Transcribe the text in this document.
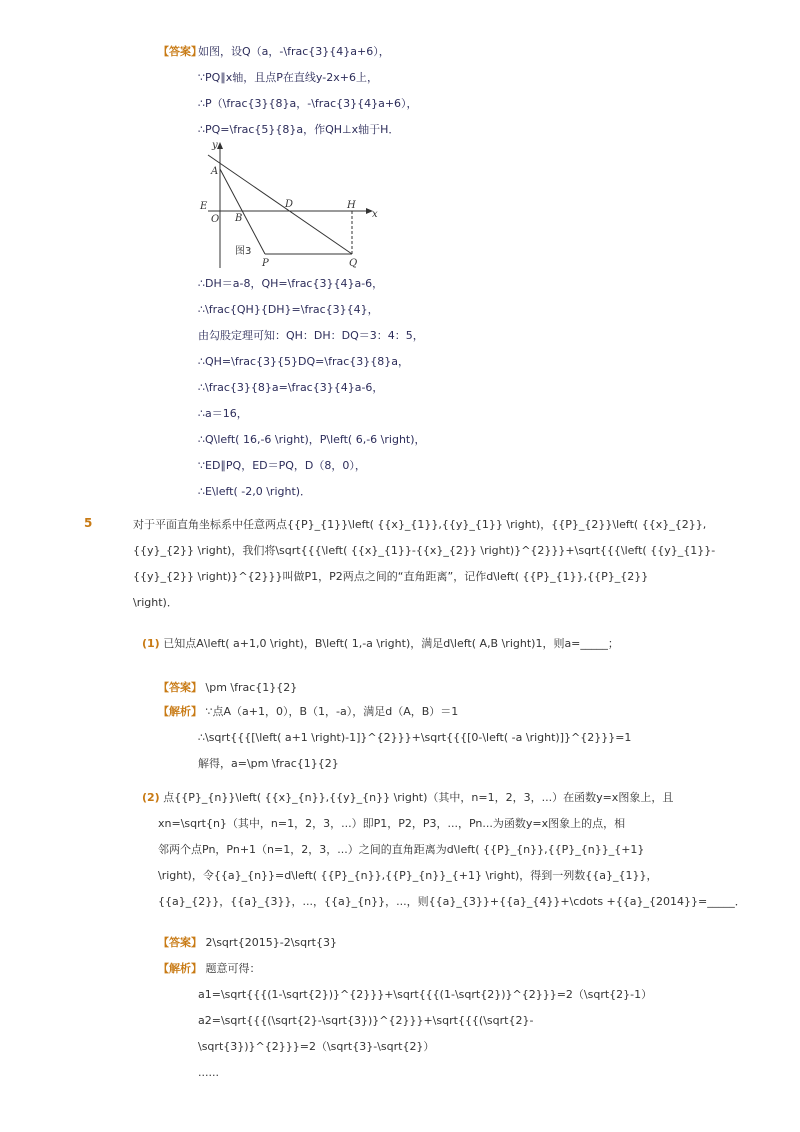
【答案】
如图，设Q（a，-\frac{3}{4}a+6），
∵PQ∥x轴，且点P在直线y-2x+6上，
∴P（\frac{3}{8}a，-\frac{3}{4}a+6），
∴PQ=\frac{5}{8}a，作QH⊥x轴于H．
y
x
A
E
O B
D	H
P	Q
图3
∴DH＝a-8，QH=\frac{3}{4}a-6，
∴\frac{QH}{DH}=\frac{3}{4}，
由勾股定理可知：QH：DH：DQ＝3：4：5，
∴QH=\frac{3}{5}DQ=\frac{3}{8}a，
∴\frac{3}{8}a=\frac{3}{4}a-6，
∴a＝16，
∴Q\left( 16,-6 \right)，P\left( 6,-6 \right)，
∵ED∥PQ，ED＝PQ，D（8，0），
∴E\left( -2,0 \right)．
5	对于平面直角坐标系中任意两点{{P}_{1}}\left( {{x}_{1}},{{y}_{1}} \right)，{{P}_{2}}\left( {{x}_{2}},
{{y}_{2}} \right)，我们将\sqrt{{{\left( {{x}_{1}}-{{x}_{2}} \right)}^{2}}}+\sqrt{{{\left( {{y}_{1}}-
{{y}_{2}} \right)}^{2}}}叫做P1，P2两点之间的“直角距离”，记作d\left( {{P}_{1}},{{P}_{2}}
\right)．
(1) 已知点A\left( a+1,0 \right)，B\left( 1,-a \right)，满足d\left( A,B \right)1，则a=_____；
【答案】 \pm \frac{1}{2}
【解析】 ∵点A（a+1，0），B（1，-a），满足d（A，B）＝1
∴\sqrt{{{[\left( a+1 \right)-1]}^{2}}}+\sqrt{{{[0-\left( -a \right)]}^{2}}}=1
解得，a=\pm \frac{1}{2}
(2) 点{{P}_{n}}\left( {{x}_{n}},{{y}_{n}} \right)（其中，n=1，2，3，...）在函数y=x图象上，且
xn=\sqrt{n}（其中，n=1，2，3，...）即P1，P2，P3，...，Pn...为函数y=x图象上的点，相
邻两个点Pn，Pn+1（n=1，2，3，...）之间的直角距离为d\left( {{P}_{n}},{{P}_{n}}_{+1}
\right)，令{{a}_{n}}=d\left( {{P}_{n}},{{P}_{n}}_{+1} \right)，得到一列数{{a}_{1}}，
{{a}_{2}}，{{a}_{3}}，...，{{a}_{n}}，...，则{{a}_{3}}+{{a}_{4}}+\cdots +{{a}_{2014}}=_____．
【答案】 2\sqrt{2015}-2\sqrt{3}
【解析】 题意可得：
a1=\sqrt{{{(1-\sqrt{2})}^{2}}}+\sqrt{{{(1-\sqrt{2})}^{2}}}=2（\sqrt{2}-1）
a2=\sqrt{{{(\sqrt{2}-\sqrt{3})}^{2}}}+\sqrt{{{(\sqrt{2}-
\sqrt{3})}^{2}}}=2（\sqrt{3}-\sqrt{2}）
......
